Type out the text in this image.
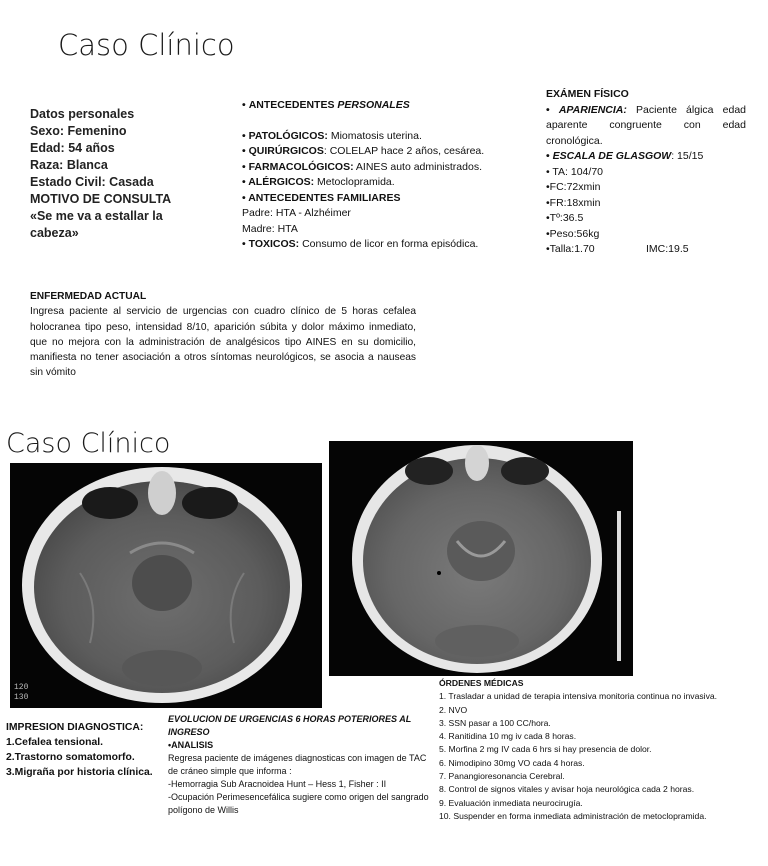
Caso Clínico
Datos personales
Sexo: Femenino
Edad: 54 años
Raza: Blanca
Estado Civil: Casada
MOTIVO DE CONSULTA
«Se me va a estallar la
cabeza»
• ANTECEDENTES PERSONALES
• PATOLÓGICOS: Miomatosis uterina.
• QUIRÚRGICOS: COLELAP hace 2 años, cesárea.
• FARMACOLÓGICOS: AINES auto administrados.
• ALÉRGICOS: Metoclopramida.
• ANTECEDENTES FAMILIARES
Padre: HTA - Alzhéimer
Madre: HTA
• TOXICOS: Consumo de licor en forma episódica.
EXÁMEN FÍSICO
• APARIENCIA: Paciente álgica edad aparente congruente con edad cronológica.
• ESCALA DE GLASGOW: 15/15
• TA: 104/70
•FC:72xmin
•FR:18xmin
•Tº:36.5
•Peso:56kg
•Talla:1.70	IMC:19.5
ENFERMEDAD ACTUAL
Ingresa paciente al servicio de urgencias con cuadro clínico de 5 horas cefalea holocranea tipo peso, intensidad 8/10, aparición súbita y dolor máximo inmediato, que no mejora con la administración de analgésicos tipo AINES en su domicilio, manifiesta no tener asociación a otros síntomas neurológicos, se asocia a nauseas sin vómito
Caso Clínico
120
130
IMPRESION DIAGNOSTICA:
1.Cefalea tensional.
2.Trastorno somatomorfo.
3.Migraña por historia clínica.
EVOLUCION DE URGENCIAS 6 HORAS POTERIORES AL INGRESO
•ANALISIS
Regresa paciente de imágenes diagnosticas con imagen de TAC de cráneo simple que informa :
-Hemorragia Sub Aracnoidea Hunt – Hess 1, Fisher : II
-Ocupación Perimesencefálica sugiere como origen del sangrado polígono de Willis
ÓRDENES MÉDICAS
1. Trasladar a unidad de terapia intensiva monitoria continua no invasiva.
2. NVO
3. SSN pasar a 100 CC/hora.
4. Ranitidina 10 mg iv cada 8 horas.
5. Morfina 2 mg IV cada 6 hrs si hay presencia de dolor.
6. Nimodipino 30mg VO cada 4 horas.
7. Panangioresonancia Cerebral.
8. Control de signos vitales y avisar hoja neurológica cada 2 horas.
9. Evaluación inmediata neurocirugía.
10. Suspender en forma inmediata administración de metoclopramida.
